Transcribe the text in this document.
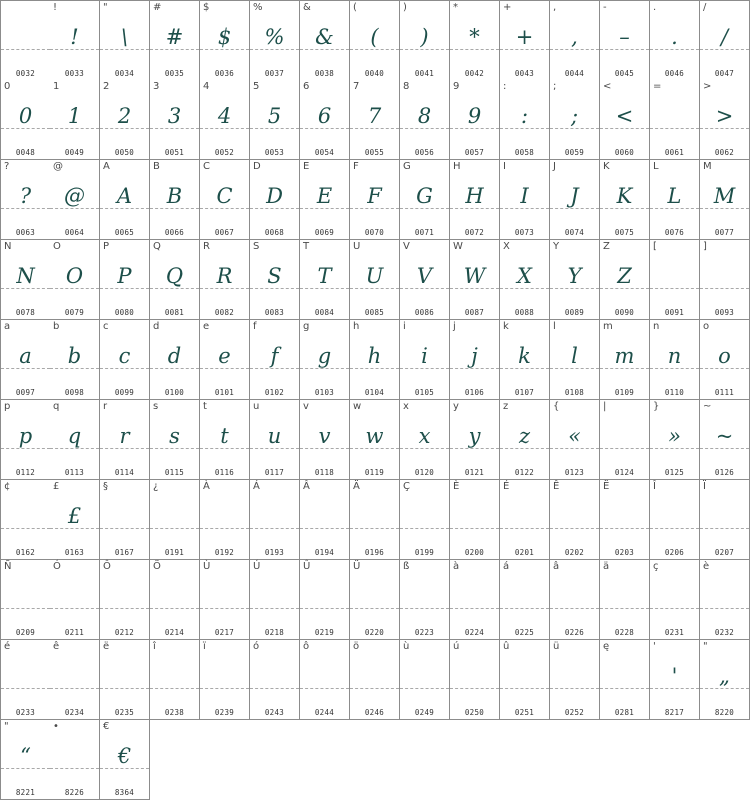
0032
!
!
0033
"
\
0034
#
#
0035
$
$
0036
%
%
0037
&
&
0038
(
(
0040
)
)
0041
*
*
0042
+
+
0043
,
,
0044
-
–
0045
.
.
0046
/
/
0047
0
0
0048
1
1
0049
2
2
0050
3
3
0051
4
4
0052
5
5
0053
6
6
0054
7
7
0055
8
8
0056
9
9
0057
:
:
0058
;
;
0059
<
<
0060
=
0061
>
>
0062
?
?
0063
@
@
0064
A
A
0065
B
B
0066
C
C
0067
D
D
0068
E
E
0069
F
F
0070
G
G
0071
H
H
0072
I
I
0073
J
J
0074
K
K
0075
L
L
0076
M
M
0077
N
N
0078
O
O
0079
P
P
0080
Q
Q
0081
R
R
0082
S
S
0083
T
T
0084
U
U
0085
V
V
0086
W
W
0087
X
X
0088
Y
Y
0089
Z
Z
0090
[
0091
]
0093
a
a
0097
b
b
0098
c
c
0099
d
d
0100
e
e
0101
f
f
0102
g
g
0103
h
h
0104
i
i
0105
j
j
0106
k
k
0107
l
l
0108
m
m
0109
n
n
0110
o
o
0111
p
p
0112
q
q
0113
r
r
0114
s
s
0115
t
t
0116
u
u
0117
v
v
0118
w
w
0119
x
x
0120
y
y
0121
z
z
0122
{
«
0123
|
0124
}
»
0125
~
~
0126
¢
0162
£
£
0163
§
0167
¿
0191
À
0192
Á
0193
Â
0194
Ä
0196
Ç
0199
È
0200
É
0201
Ê
0202
Ë
0203
Î
0206
Ï
0207
Ñ
0209
Ó
0211
Ô
0212
Ö
0214
Ù
0217
Ú
0218
Û
0219
Ü
0220
ß
0223
à
0224
á
0225
â
0226
ä
0228
ç
0231
è
0232
é
0233
ê
0234
ë
0235
î
0238
ï
0239
ó
0243
ô
0244
ö
0246
ù
0249
ú
0250
û
0251
ü
0252
ę
0281
'
'
8217
"
„
8220
"
“
8221
•
8226
€
€
8364
